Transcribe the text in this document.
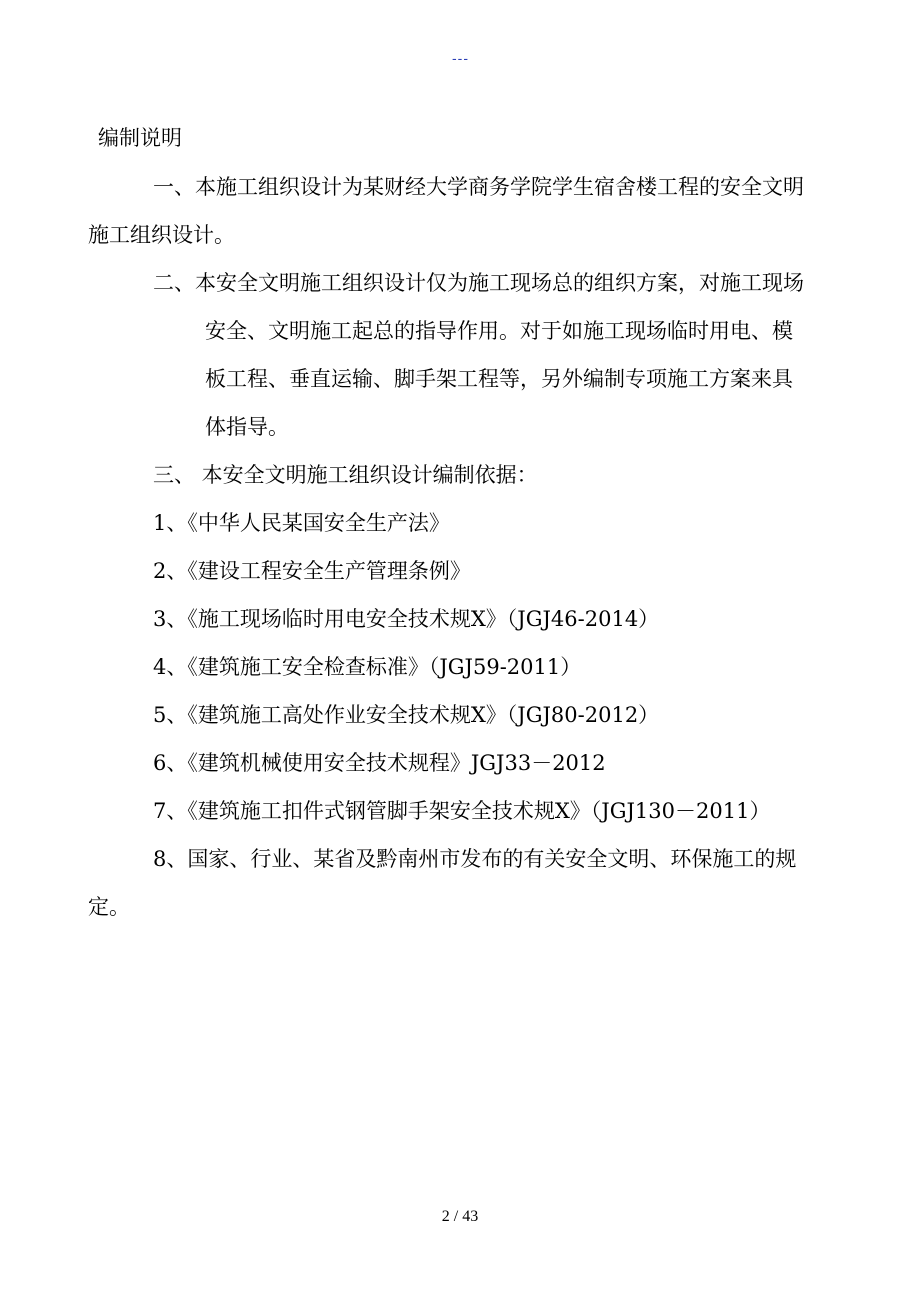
---
编制说明
一、本施工组织设计为某财经大学商务学院学生宿舍楼工程的安全文明
施工组织设计。
二、本安全文明施工组织设计仅为施工现场总的组织方案，对施工现场
安全、文明施工起总的指导作用。对于如施工现场临时用电、模
板工程、垂直运输、脚手架工程等，另外编制专项施工方案来具
体指导。
三、 本安全文明施工组织设计编制依据：
1、《中华人民某国安全生产法》
2、《建设工程安全生产管理条例》
3、《施工现场临时用电安全技术规X》（JGJ46-2014）
4、《建筑施工安全检查标准》（JGJ59-2011）
5、《建筑施工高处作业安全技术规X》（JGJ80-2012）
6、《建筑机械使用安全技术规程》JGJ33－2012
7、《建筑施工扣件式钢管脚手架安全技术规X》（JGJ130－2011）
8、国家、行业、某省及黔南州市发布的有关安全文明、环保施工的规
定。
2 / 43
